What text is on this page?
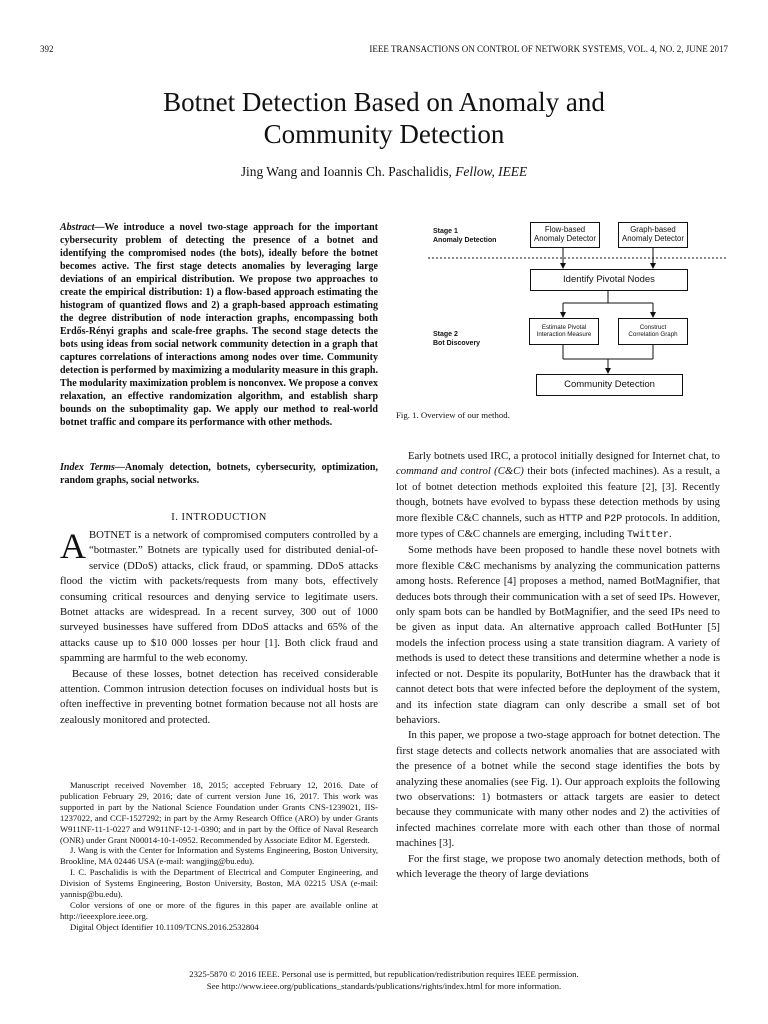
392	IEEE TRANSACTIONS ON CONTROL OF NETWORK SYSTEMS, VOL. 4, NO. 2, JUNE 2017
Botnet Detection Based on Anomaly and
Community Detection
Jing Wang and Ioannis Ch. Paschalidis, Fellow, IEEE
Abstract—We introduce a novel two-stage approach for the important cybersecurity problem of detecting the presence of a botnet and identifying the compromised nodes (the bots), ideally before the botnet becomes active. The first stage detects anomalies by leveraging large deviations of an empirical distribution. We propose two approaches to create the empirical distribution: 1) a flow-based approach estimating the histogram of quantized flows and 2) a graph-based approach estimating the degree distribution of node interaction graphs, encompassing both Erdős-Rényi graphs and scale-free graphs. The second stage detects the bots using ideas from social network community detection in a graph that captures correlations of interactions among nodes over time. Community detection is performed by maximizing a modularity measure in this graph. The modularity maximization problem is nonconvex. We propose a convex relaxation, an effective randomization algorithm, and establish sharp bounds on the suboptimality gap. We apply our method to real-world botnet traffic and compare its performance with other methods.
Index Terms—Anomaly detection, botnets, cybersecurity, optimization, random graphs, social networks.
I. INTRODUCTION

A BOTNET is a network of compromised computers controlled by a “botmaster.” Botnets are typically used for distributed denial-of-service (DDoS) attacks, click fraud, or spamming. DDoS attacks flood the victim with packets/requests from many bots, effectively consuming critical resources and denying service to legitimate users. Botnet attacks are widespread. In a recent survey, 300 out of 1000 surveyed businesses have suffered from DDoS attacks and 65% of the attacks cause up to $10 000 losses per hour [1]. Both click fraud and spamming are harmful to the web economy.

Because of these losses, botnet detection has received considerable attention. Common intrusion detection focuses on individual hosts but is often ineffective in preventing botnet formation because not all hosts are zealously monitored and protected.

Manuscript received November 18, 2015; accepted February 12, 2016. Date of publication February 29, 2016; date of current version June 16, 2017. This work was supported in part by the National Science Foundation under Grants CNS-1239021, IIS-1237022, and CCF-1527292; in part by the Army Research Office (ARO) by under Grants W911NF-11-1-0227 and W911NF-12-1-0390; and in part by the Office of Naval Research (ONR) under Grant N00014-10-1-0952. Recommended by Associate Editor M. Egerstedt.

J. Wang is with the Center for Information and Systems Engineering, Boston University, Brookline, MA 02446 USA (e-mail: wangjing@bu.edu).

I. C. Paschalidis is with the Department of Electrical and Computer Engineering, and Division of Systems Engineering, Boston University, Boston, MA 02215 USA (e-mail: yannisp@bu.edu).

Color versions of one or more of the figures in this paper are available online at http://ieeexplore.ieee.org.

Digital Object Identifier 10.1109/TCNS.2016.2532804

Stage 1
Anomaly Detection
Stage 2
Bot Discovery
Flow-based
Anomaly Detector
Graph-based
Anomaly Detector
Identify Pivotal Nodes
Estimate Pivotal
Interaction Measure
Construct
Correlation Graph
Community Detection
Fig. 1. Overview of our method.

Early botnets used IRC, a protocol initially designed for Internet chat, to command and control (C&C) their bots (infected machines). As a result, a lot of botnet detection methods exploited this feature [2], [3]. Recently though, botnets have evolved to bypass these detection methods by using more flexible C&C channels, such as HTTP and P2P protocols. In addition, more types of C&C channels are emerging, including Twitter.

Some methods have been proposed to handle these novel botnets with more flexible C&C mechanisms by analyzing the communication patterns among hosts. Reference [4] proposes a method, named BotMagnifier, that deduces bots through their communication with a set of seed IPs. However, only spam bots can be handled by BotMagnifier, and the seed IPs need to be given as input data. An alternative approach called BotHunter [5] models the infection process using a state transition diagram. A variety of methods is used to detect these transitions and determine whether a node is infected or not. Despite its popularity, BotHunter has the drawback that it cannot detect bots that were infected before the deployment of the system, and its infection state diagram can only describe a small set of bot behaviors.

In this paper, we propose a two-stage approach for botnet detection. The first stage detects and collects network anomalies that are associated with the presence of a botnet while the second stage identifies the bots by analyzing these anomalies (see Fig. 1). Our approach exploits the following two observations: 1) botmasters or attack targets are easier to detect because they communicate with many other nodes and 2) the activities of infected machines correlate more with each other than those of normal machines [3].

For the first stage, we propose two anomaly detection methods, both of which leverage the theory of large deviations

2325-5870 © 2016 IEEE. Personal use is permitted, but republication/redistribution requires IEEE permission.
See http://www.ieee.org/publications_standards/publications/rights/index.html for more information.
